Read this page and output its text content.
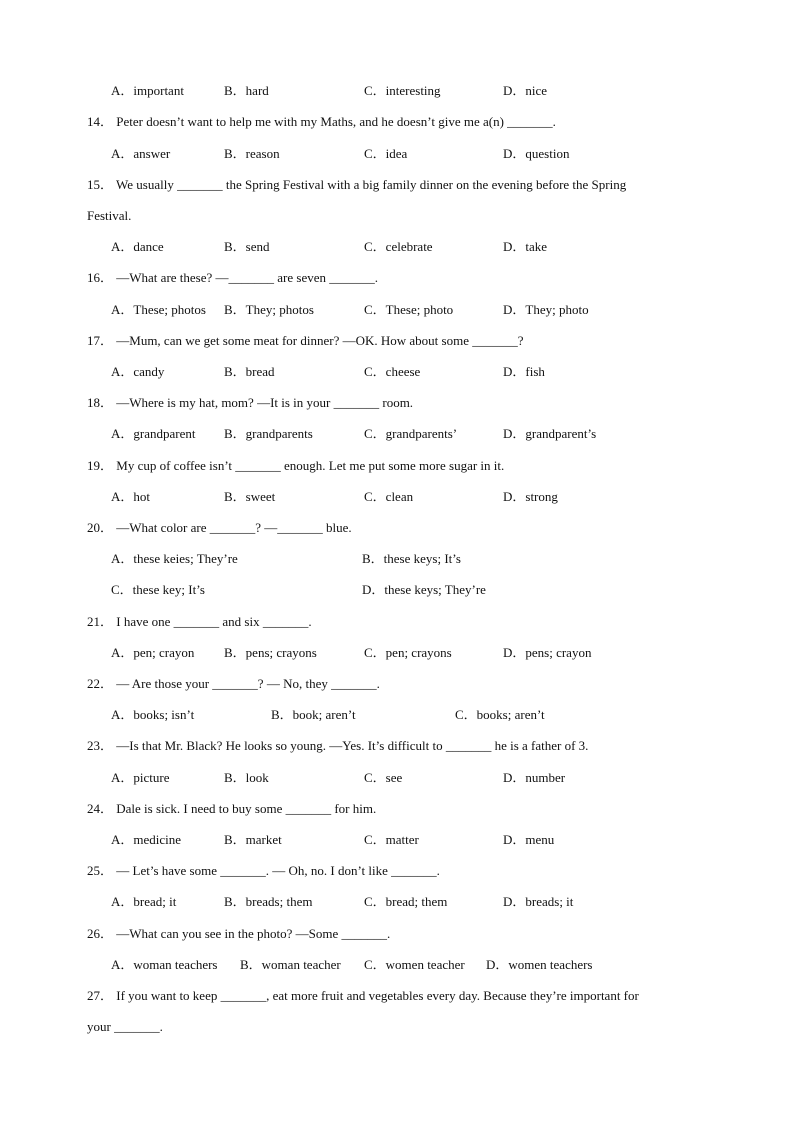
A．important	B．hard	C．interesting	D．nice
14． Peter doesn’t want to help me with my Maths, and he doesn’t give me a(n) _______.
A．answer	B．reason	C．idea	D．question
15． We usually _______ the Spring Festival with a big family dinner on the evening before the Spring
Festival.
A．dance	B．send	C．celebrate	D．take
16． —What are these? —_______ are seven _______.
A．These; photos B．They; photos	C．These; photo	D．They; photo
17． —Mum, can we get some meat for dinner? —OK. How about some _______?
A．candy	B．bread	C．cheese	D．fish
18． —Where is my hat, mom? —It is in your _______ room.
A．grandparent B．grandparents	C．grandparents’	D．grandparent’s
19． My cup of coffee isn’t _______ enough. Let me put some more sugar in it.
A．hot	B．sweet	C．clean	D．strong
20． —What color are _______? —_______ blue.
A．these keies; They’re	B．these keys; It’s
C．these key; It’s	D．these keys; They’re
21． I have one _______ and six _______.
A．pen; crayon B．pens; crayons	C．pen; crayons	D．pens; crayon
22． — Are those your _______? — No, they _______.
A．books; isn’t	B．book; aren’t	C．books; aren’t
23． —Is that Mr. Black? He looks so young. —Yes. It’s difficult to _______ he is a father of 3.
A．picture	B．look	C．see	D．number
24． Dale is sick. I need to buy some _______ for him.
A．medicine	B．market	C．matter	D．menu
25． — Let’s have some _______. — Oh, no. I don’t like _______.
A．bread; it	B．breads; them	C．bread; them	D．breads; it
26． —What can you see in the photo? —Some _______.
A．woman teachers B．woman teacher C．women teacher D．women teachers
27． If you want to keep _______, eat more fruit and vegetables every day. Because they’re important for
your _______.
